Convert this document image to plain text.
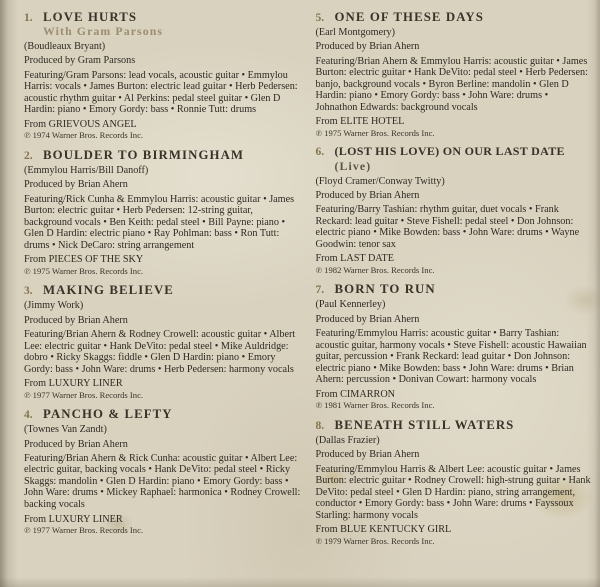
1. LOVE HURTS
With Gram Parsons
(Boudleaux Bryant)
Produced by Gram Parsons
Featuring/Gram Parsons: lead vocals, acoustic guitar • Emmylou Harris: vocals • James Burton: electric lead guitar • Herb Pedersen: acoustic rhythm guitar • Al Perkins: pedal steel guitar • Glen D Hardin: piano • Emory Gordy: bass • Ronnie Tutt: drums
From GRIEVOUS ANGEL
℗ 1974 Warner Bros. Records Inc.
2. BOULDER TO BIRMINGHAM
(Emmylou Harris/Bill Danoff)
Produced by Brian Ahern
Featuring/Rick Cunha & Emmylou Harris: acoustic guitar • James Burton: electric guitar • Herb Pedersen: 12-string guitar, background vocals • Ben Keith: pedal steel • Bill Payne: piano • Glen D Hardin: electric piano • Ray Pohlman: bass • Ron Tutt: drums • Nick DeCaro: string arrangement
From PIECES OF THE SKY
℗ 1975 Warner Bros. Records Inc.
3. MAKING BELIEVE
(Jimmy Work)
Produced by Brian Ahern
Featuring/Brian Ahern & Rodney Crowell: acoustic guitar • Albert Lee: electric guitar • Hank DeVito: pedal steel • Mike Auldridge: dobro • Ricky Skaggs: fiddle • Glen D Hardin: piano • Emory Gordy: bass • John Ware: drums • Herb Pedersen: harmony vocals
From LUXURY LINER
℗ 1977 Warner Bros. Records Inc.
4. PANCHO & LEFTY
(Townes Van Zandt)
Produced by Brian Ahern
Featuring/Brian Ahern & Rick Cunha: acoustic guitar • Albert Lee: electric guitar, backing vocals • Hank DeVito: pedal steel • Ricky Skaggs: mandolin • Glen D Hardin: piano • Emory Gordy: bass • John Ware: drums • Mickey Raphael: harmonica • Rodney Crowell: backing vocals
From LUXURY LINER
℗ 1977 Warner Bros. Records Inc.
5. ONE OF THESE DAYS
(Earl Montgomery)
Produced by Brian Ahern
Featuring/Brian Ahern & Emmylou Harris: acoustic guitar • James Burton: electric guitar • Hank DeVito: pedal steel • Herb Pedersen: banjo, background vocals • Byron Berline: mandolin • Glen D Hardin: piano • Emory Gordy: bass • John Ware: drums • Johnathon Edwards: background vocals
From ELITE HOTEL
℗ 1975 Warner Bros. Records Inc.
6. (LOST HIS LOVE) ON OUR LAST DATE
(Live)
(Floyd Cramer/Conway Twitty)
Produced by Brian Ahern
Featuring/Barry Tashian: rhythm guitar, duet vocals • Frank Reckard: lead guitar • Steve Fishell: pedal steel • Don Johnson: electric piano • Mike Bowden: bass • John Ware: drums • Wayne Goodwin: tenor sax
From LAST DATE
℗ 1982 Warner Bros. Records Inc.
7. BORN TO RUN
(Paul Kennerley)
Produced by Brian Ahern
Featuring/Emmylou Harris: acoustic guitar • Barry Tashian: acoustic guitar, harmony vocals • Steve Fishell: acoustic Hawaiian guitar, percussion • Frank Reckard: lead guitar • Don Johnson: electric piano • Mike Bowden: bass • John Ware: drums • Brian Ahern: percussion • Donivan Cowart: harmony vocals
From CIMARRON
℗ 1981 Warner Bros. Records Inc.
8. BENEATH STILL WATERS
(Dallas Frazier)
Produced by Brian Ahern
Featuring/Emmylou Harris & Albert Lee: acoustic guitar • James Burton: electric guitar • Rodney Crowell: high-strung guitar • Hank DeVito: pedal steel • Glen D Hardin: piano, string arrangement, conductor • Emory Gordy: bass • John Ware: drums • Fayssoux Starling: harmony vocals
From BLUE KENTUCKY GIRL
℗ 1979 Warner Bros. Records Inc.
